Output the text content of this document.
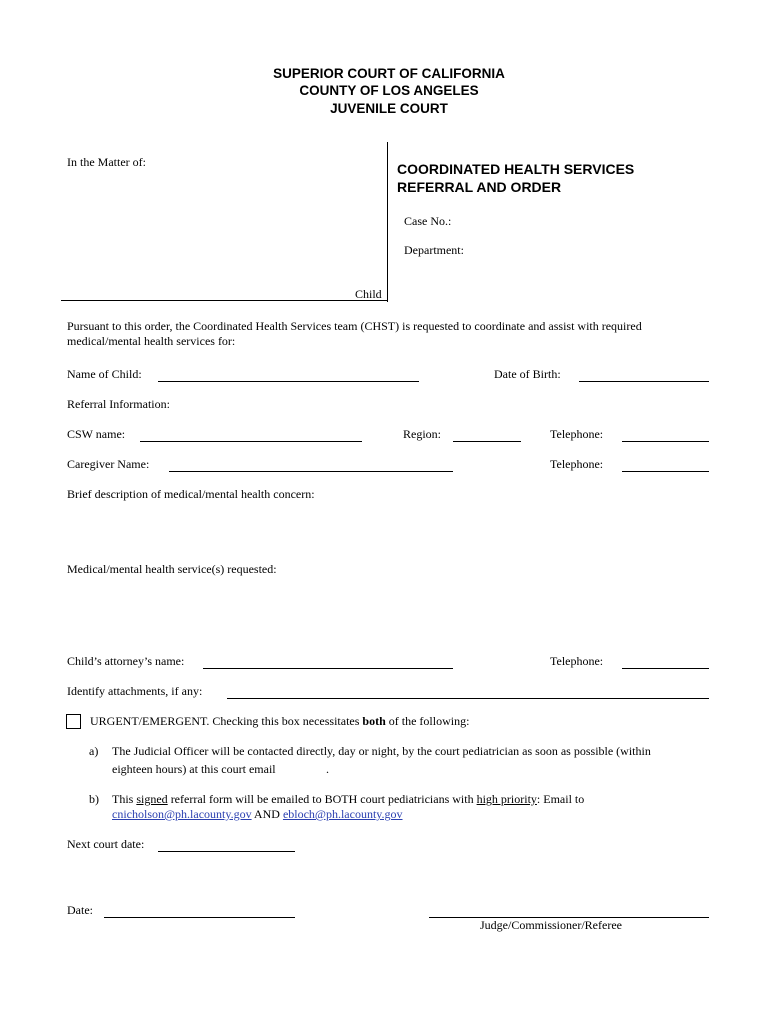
SUPERIOR COURT OF CALIFORNIA
COUNTY OF LOS ANGELES
JUVENILE COURT
In the Matter of:
Child
COORDINATED HEALTH SERVICES
REFERRAL AND ORDER
Case No.:
Department:
Pursuant to this order, the Coordinated Health Services team (CHST) is requested to coordinate and assist with required
medical/mental health services for:
Name of Child:	Date of Birth:
Referral Information:
CSW name:	Region:	Telephone:
Caregiver Name:	Telephone:
Brief description of medical/mental health concern:
Medical/mental health service(s) requested:
Child’s attorney’s name:	Telephone:
Identify attachments, if any:
URGENT/EMERGENT. Checking this box necessitates both of the following:
a) The Judicial Officer will be contacted directly, day or night, by the court pediatrician as soon as possible (within
eighteen hours) at this court email	.
b) This signed referral form will be emailed to BOTH court pediatricians with high priority: Email to
cnicholson@ph.lacounty.gov AND ebloch@ph.lacounty.gov
Next court date:
Date:
Judge/Commissioner/Referee
